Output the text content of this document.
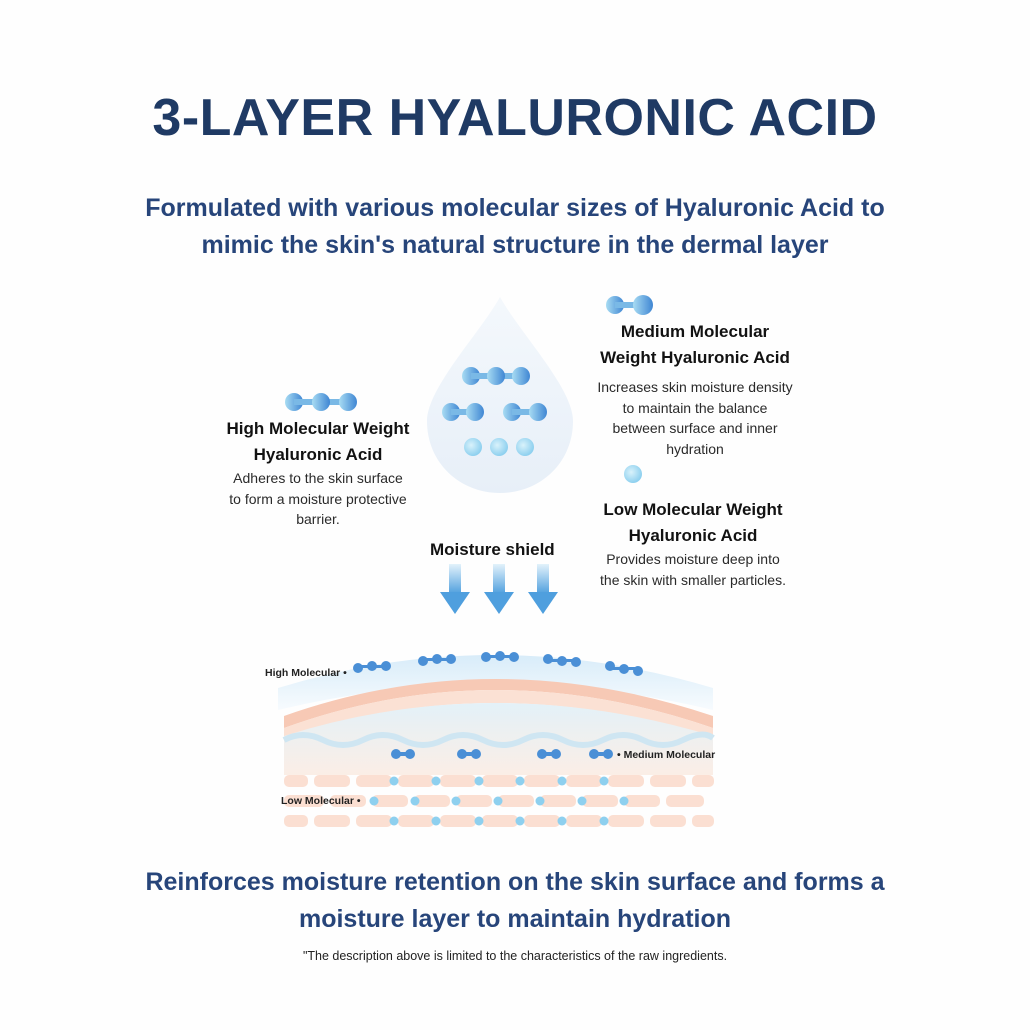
3-LAYER HYALURONIC ACID
Formulated with various molecular sizes of Hyaluronic Acid to
mimic the skin's natural structure in the dermal layer
High Molecular Weight
Hyaluronic Acid
Adheres to the skin surface
to form a moisture protective
barrier.
Medium Molecular
Weight Hyaluronic Acid
Increases skin moisture density
to maintain the balance
between surface and inner
hydration
Low Molecular Weight
Hyaluronic Acid
Provides moisture deep into
the skin with smaller particles.
Moisture shield
High Molecular •
• Medium Molecular
Low Molecular •
Reinforces moisture retention on the skin surface and forms a
moisture layer to maintain hydration
"The description above is limited to the characteristics of the raw ingredients.
